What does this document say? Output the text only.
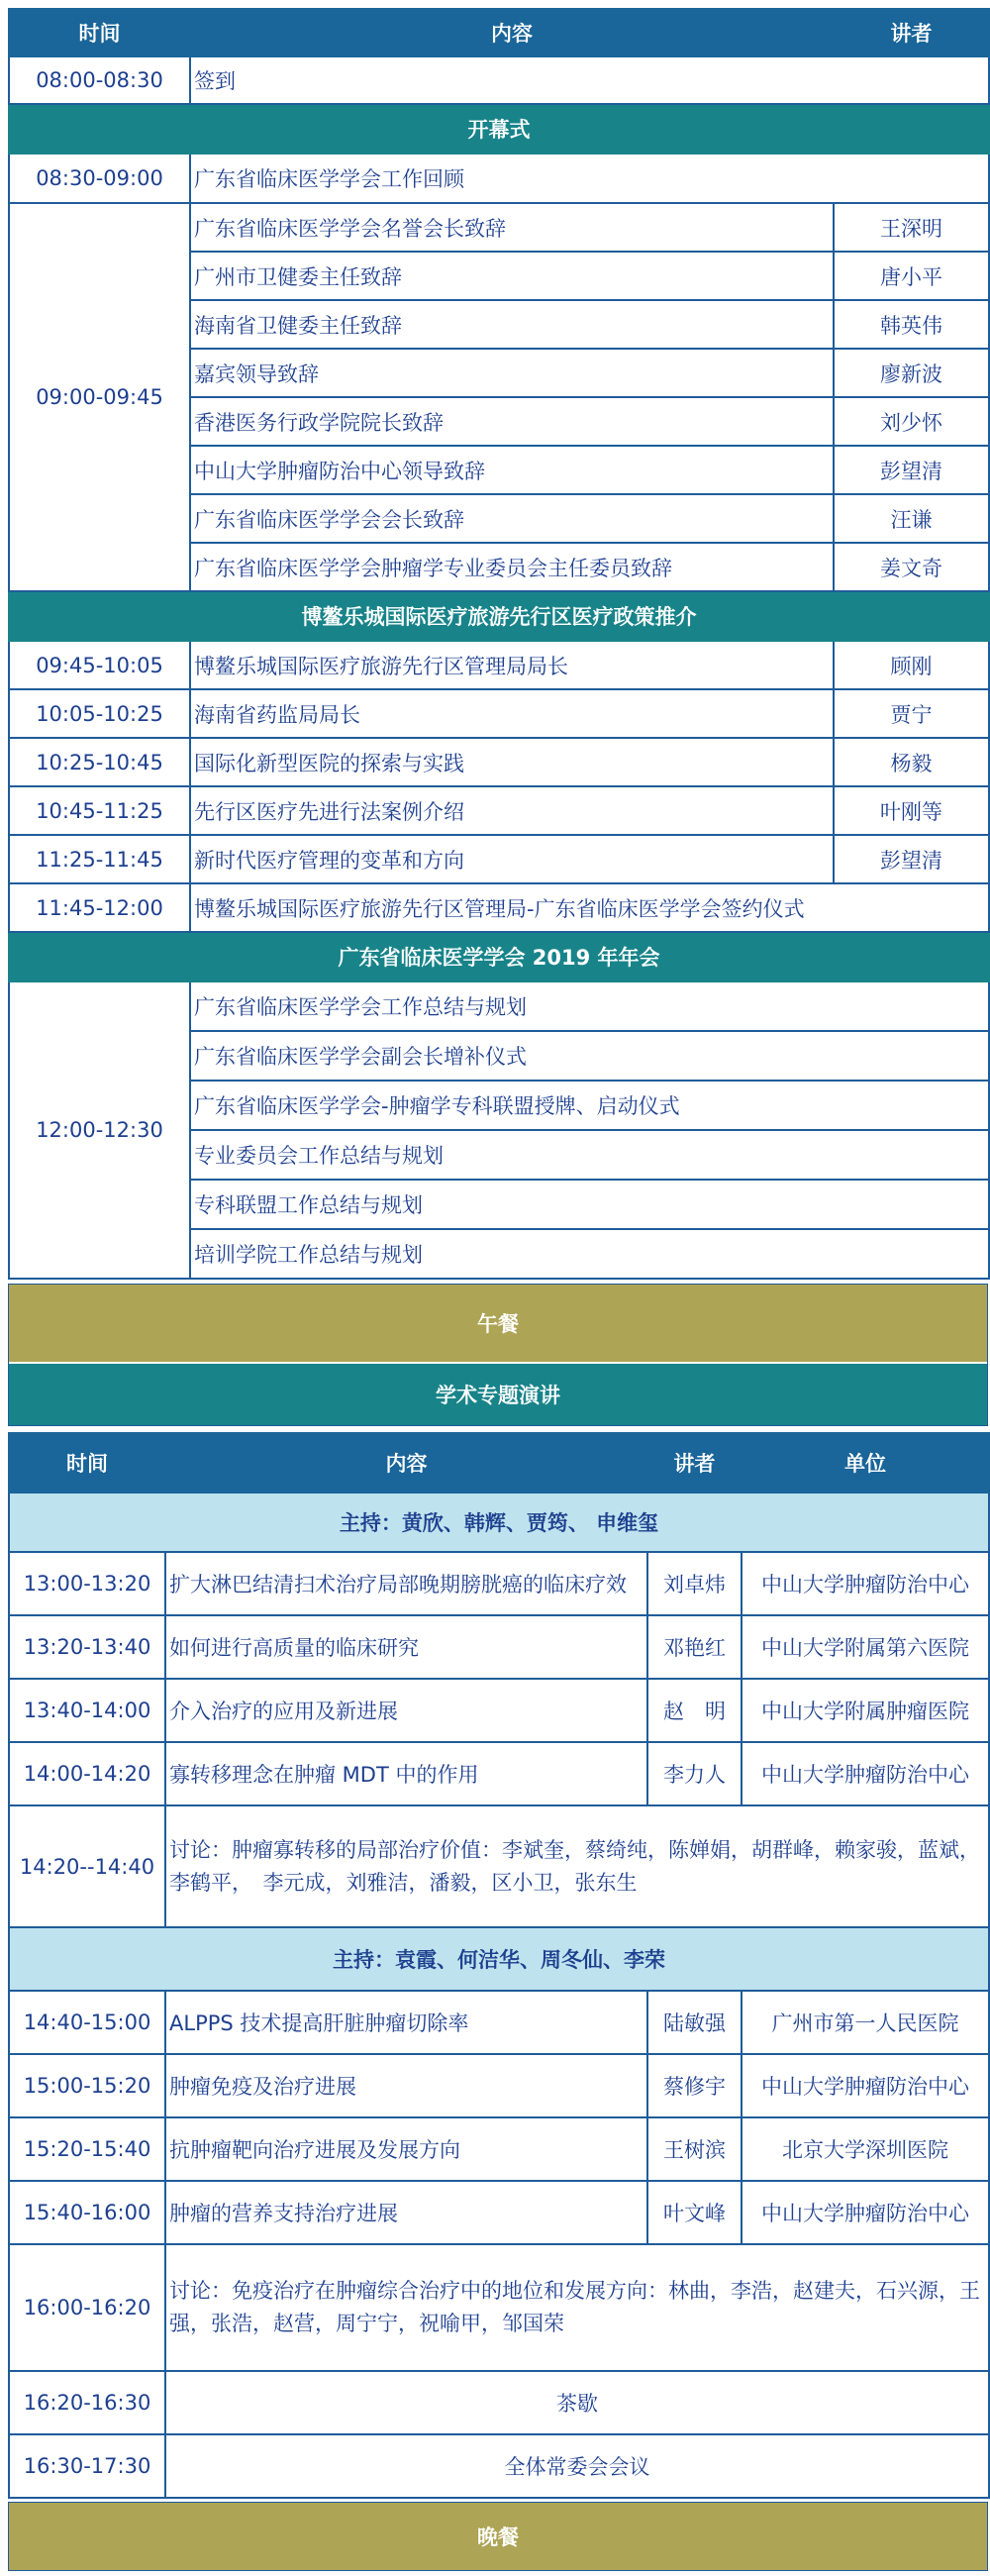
时间	内容	讲者
08:00-08:30	签到	
开幕式		
08:30-09:00	广东省临床医学学会工作回顾	
09:00-09:45	广东省临床医学学会名誉会长致辞	王深明
	广州市卫健委主任致辞	唐小平
	海南省卫健委主任致辞	韩英伟
	嘉宾领导致辞	廖新波
	香港医务行政学院院长致辞	刘少怀
	中山大学肿瘤防治中心领导致辞	彭望清
	广东省临床医学学会会长致辞	汪谦
	广东省临床医学学会肿瘤学专业委员会主任委员致辞	姜文奇
博鳌乐城国际医疗旅游先行区医疗政策推介		
09:45-10:05	博鳌乐城国际医疗旅游先行区管理局局长	顾刚
10:05-10:25	海南省药监局局长	贾宁
10:25-10:45	国际化新型医院的探索与实践	杨毅
10:45-11:25	先行区医疗先进行法案例介绍	叶刚等
11:25-11:45	新时代医疗管理的变革和方向	彭望清
11:45-12:00	博鳌乐城国际医疗旅游先行区管理局-广东省临床医学学会签约仪式	
广东省临床医学学会 2019 年年会		
12:00-12:30	广东省临床医学学会工作总结与规划	
	广东省临床医学学会副会长增补仪式	
	广东省临床医学学会-肿瘤学专科联盟授牌、启动仪式	
	专业委员会工作总结与规划	
	专科联盟工作总结与规划	
	培训学院工作总结与规划	
午餐
学术专题演讲
时间	内容	讲者	单位
主持：黄欣、韩辉、贾筠、 申维玺			
13:00-13:20	扩大淋巴结清扫术治疗局部晚期膀胱癌的临床疗效	刘卓炜	中山大学肿瘤防治中心
13:20-13:40	如何进行高质量的临床研究	邓艳红	中山大学附属第六医院
13:40-14:00	介入治疗的应用及新进展	赵　明	中山大学附属肿瘤医院
14:00-14:20	寡转移理念在肿瘤 MDT 中的作用	李力人	中山大学肿瘤防治中心
14:20--14:40	讨论：肿瘤寡转移的局部治疗价值：李斌奎，蔡绮纯，陈婵娟，胡群峰，赖家骏，蓝斌，李鹤平，　李元成，刘雅洁，潘毅，区小卫，张东生		
主持：袁霞、何洁华、周冬仙、李荣			
14:40-15:00	ALPPS 技术提高肝脏肿瘤切除率	陆敏强	广州市第一人民医院
15:00-15:20	肿瘤免疫及治疗进展	蔡修宇	中山大学肿瘤防治中心
15:20-15:40	抗肿瘤靶向治疗进展及发展方向	王树滨	北京大学深圳医院
15:40-16:00	肿瘤的营养支持治疗进展	叶文峰	中山大学肿瘤防治中心
16:00-16:20	讨论：免疫治疗在肿瘤综合治疗中的地位和发展方向：林曲，李浩，赵建夫，石兴源，王强，张浩，赵营，周宁宁，祝喻甲，邹国荣		
16:20-16:30	茶歇		
16:30-17:30	全体常委会会议		
晚餐
